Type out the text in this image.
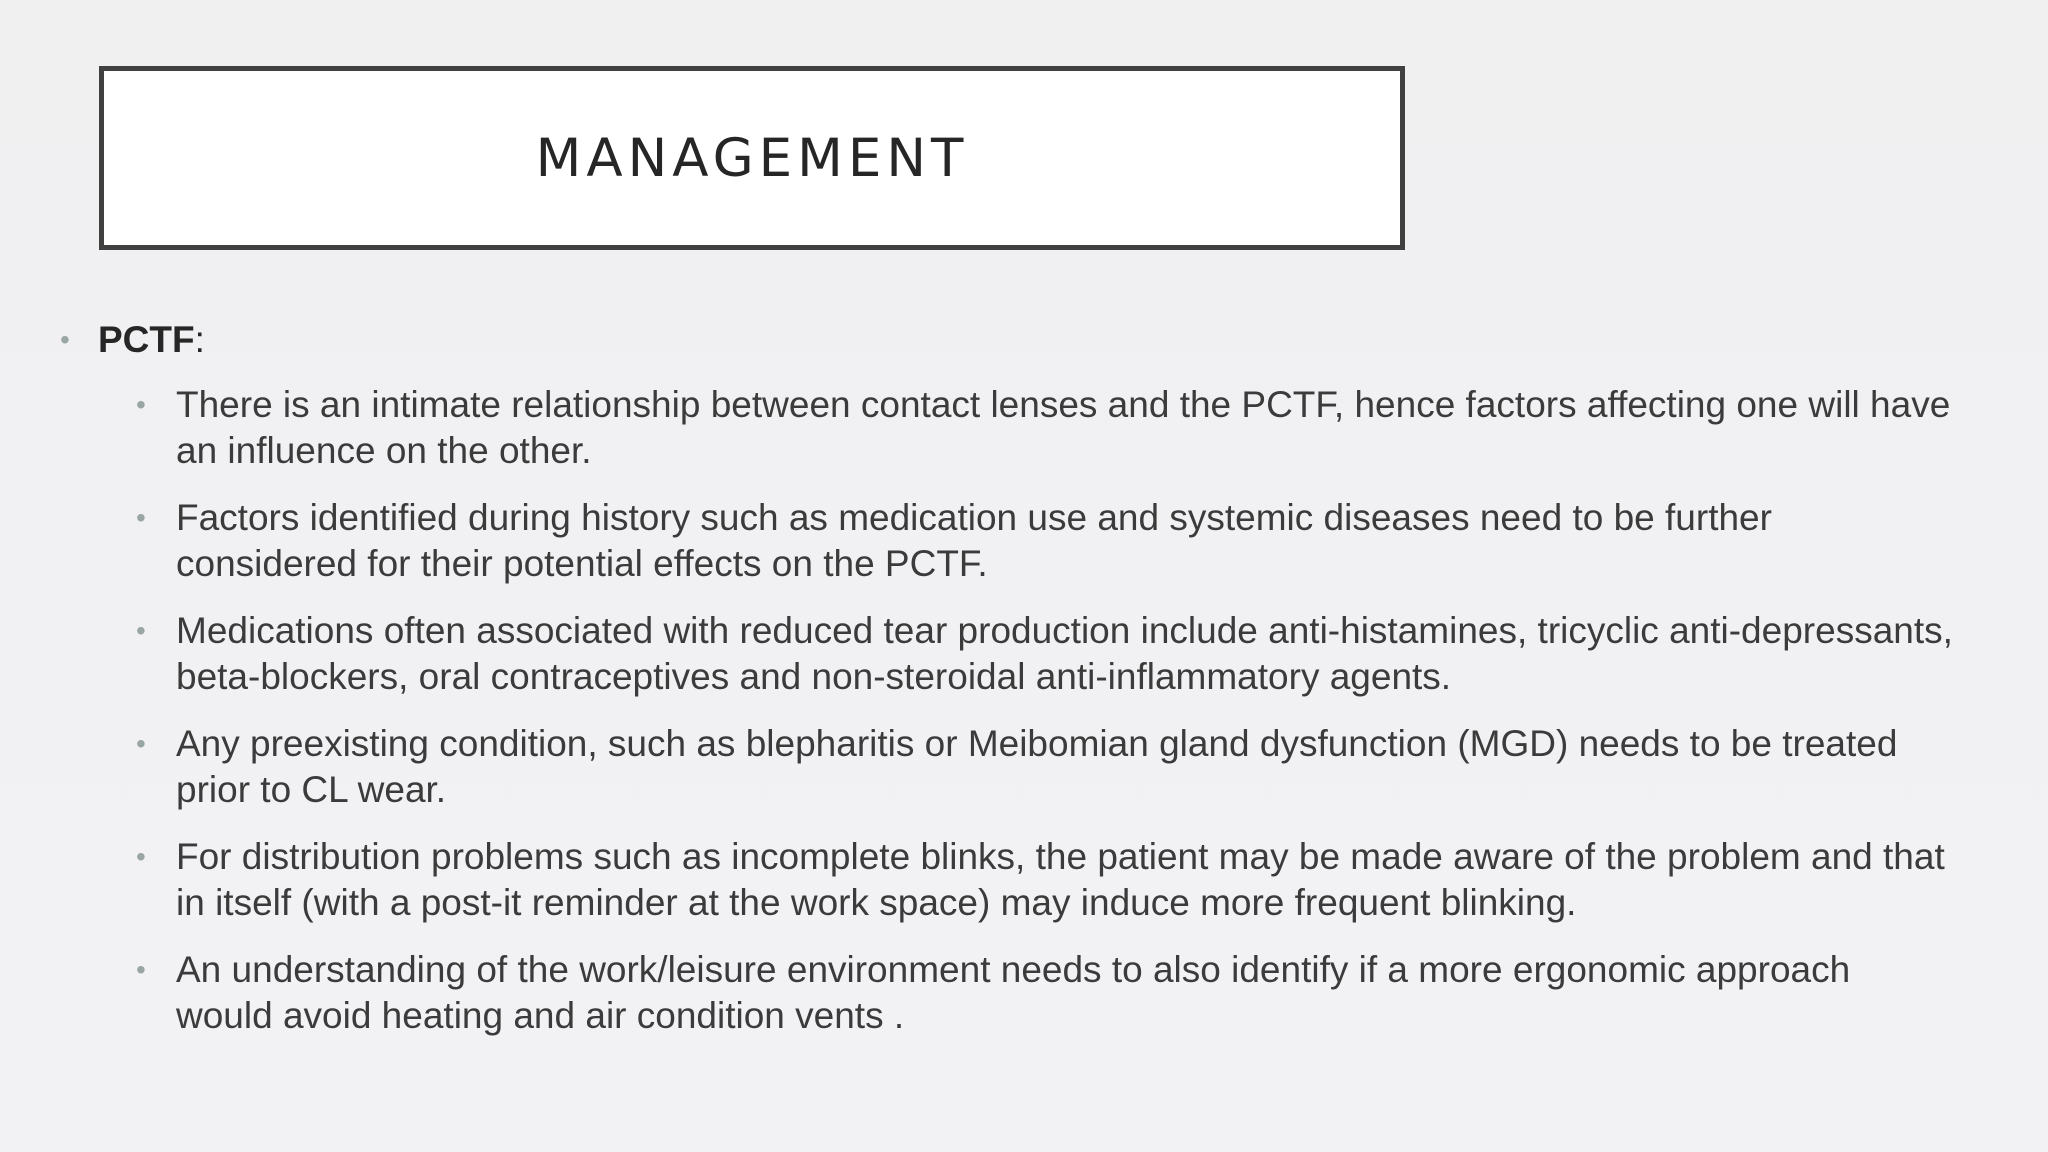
MANAGEMENT
• PCTF:
• There is an intimate relationship between contact lenses and the PCTF, hence factors affecting one will have an influence on the other.
• Factors identified during history such as medication use and systemic diseases need to be further considered for their potential effects on the PCTF.
• Medications often associated with reduced tear production include anti-histamines, tricyclic anti-depressants, beta-blockers, oral contraceptives and non-steroidal anti-inflammatory agents.
• Any preexisting condition, such as blepharitis or Meibomian gland dysfunction (MGD) needs to be treated prior to CL wear.
• For distribution problems such as incomplete blinks, the patient may be made aware of the problem and that in itself (with a post-it reminder at the work space) may induce more frequent blinking.
• An understanding of the work/leisure environment needs to also identify if a more ergonomic approach would avoid heating and air condition vents .
